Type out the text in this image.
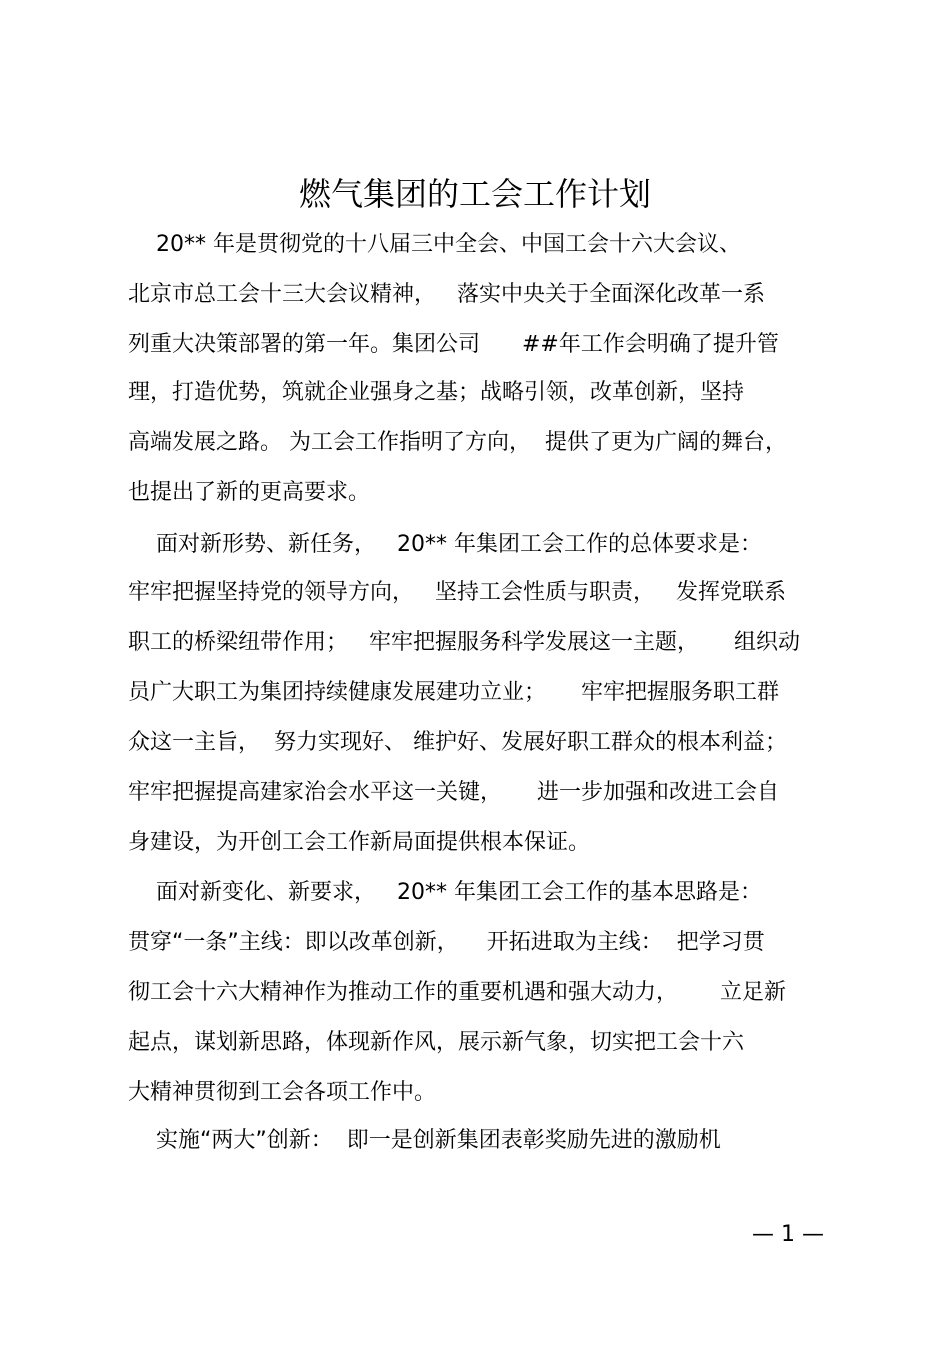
燃气集团的工会工作计划
20** 年是贯彻党的十八届三中全会、中国工会十六大会议、
北京市总工会十三大会议精神，   落实中央关于全面深化改革一系
列重大决策部署的第一年。集团公司      ##年工作会明确了提升管
理，打造优势，筑就企业强身之基；战略引领，改革创新，坚持
高端发展之路。 为工会工作指明了方向，  提供了更为广阔的舞台，
也提出了新的更高要求。
面对新形势、新任务，   20** 年集团工会工作的总体要求是：
牢牢把握坚持党的领导方向，   坚持工会性质与职责，   发挥党联系
职工的桥梁纽带作用；   牢牢把握服务科学发展这一主题，     组织动
员广大职工为集团持续健康发展建功立业；     牢牢把握服务职工群
众这一主旨，  努力实现好、 维护好、发展好职工群众的根本利益；
牢牢把握提高建家治会水平这一关键，     进一步加强和改进工会自
身建设，为开创工会工作新局面提供根本保证。
面对新变化、新要求，   20** 年集团工会工作的基本思路是：
贯穿“一条”主线：即以改革创新，    开拓进取为主线：  把学习贯
彻工会十六大精神作为推动工作的重要机遇和强大动力，      立足新
起点，谋划新思路，体现新作风，展示新气象，切实把工会十六
大精神贯彻到工会各项工作中。
实施“两大”创新：  即一是创新集团表彰奖励先进的激励机
— 1 —
